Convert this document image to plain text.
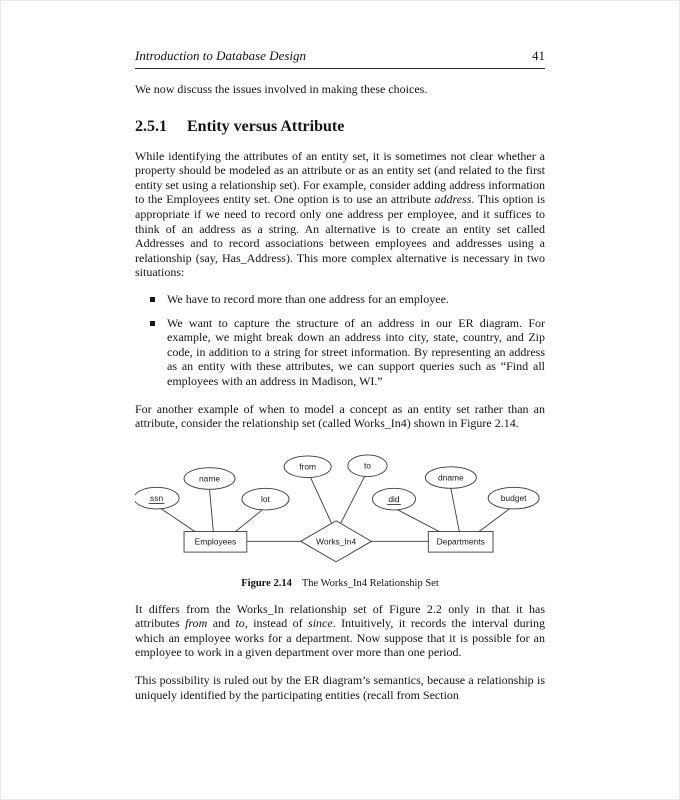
Introduction to Database Design	41

We now discuss the issues involved in making these choices.

2.5.1 Entity versus Attribute

While identifying the attributes of an entity set, it is sometimes not clear whether a property should be modeled as an attribute or as an entity set (and related to the first entity set using a relationship set). For example, consider adding address information to the Employees entity set. One option is to use an attribute address. This option is appropriate if we need to record only one address per employee, and it suffices to think of an address as a string. An alternative is to create an entity set called Addresses and to record associations between employees and addresses using a relationship (say, Has_Address). This more complex alternative is necessary in two situations:

We have to record more than one address for an employee.
We want to capture the structure of an address in our ER diagram. For example, we might break down an address into city, state, country, and Zip code, in addition to a string for street information. By representing an address as an entity with these attributes, we can support queries such as “Find all employees with an address in Madison, WI.”

For another example of when to model a concept as an entity set rather than an attribute, consider the relationship set (called Works_In4) shown in Figure 2.14.

ssn
name
lot
from	to
did
dname
budget
Employees	Departments
Works_In4
Figure 2.14 The Works_In4 Relationship Set

It differs from the Works_In relationship set of Figure 2.2 only in that it has attributes from and to, instead of since. Intuitively, it records the interval during which an employee works for a department. Now suppose that it is possible for an employee to work in a given department over more than one period.

This possibility is ruled out by the ER diagram’s semantics, because a relationship is uniquely identified by the participating entities (recall from Section
